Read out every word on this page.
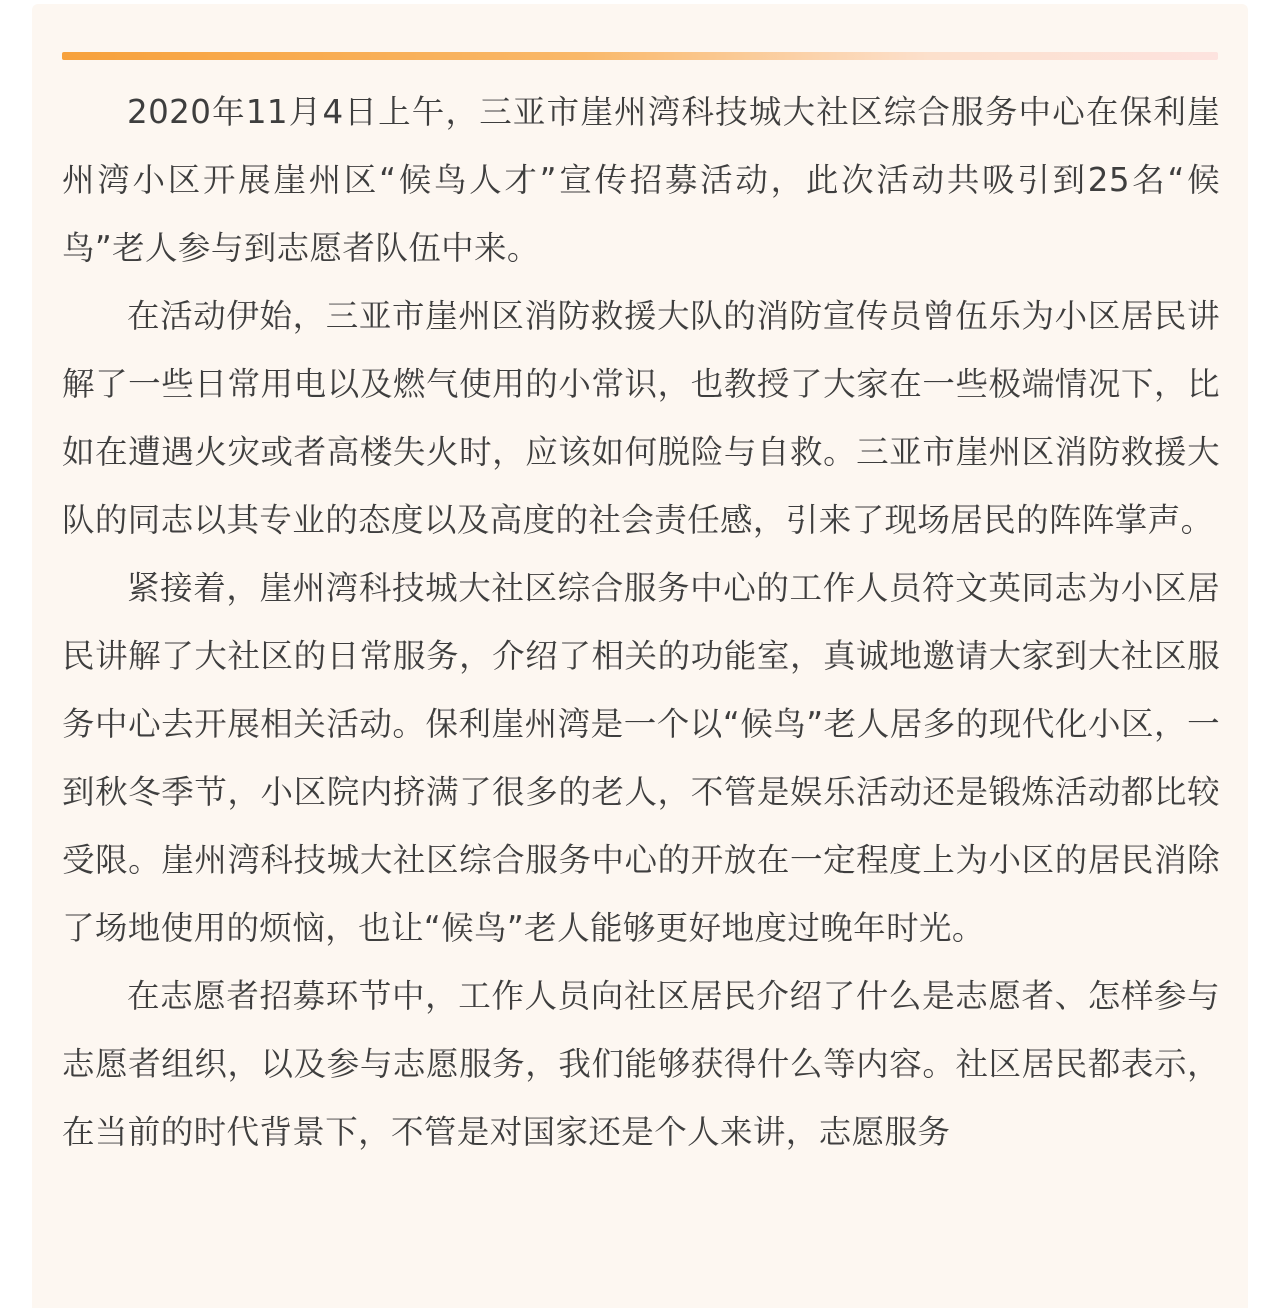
2020年11月4日上午，三亚市崖州湾科技城大社区综合服务中心在保利崖州湾小区开展崖州区“候鸟人才”宣传招募活动，此次活动共吸引到25名“候鸟”老人参与到志愿者队伍中来。

在活动伊始，三亚市崖州区消防救援大队的消防宣传员曾伍乐为小区居民讲解了一些日常用电以及燃气使用的小常识，也教授了大家在一些极端情况下，比如在遭遇火灾或者高楼失火时，应该如何脱险与自救。三亚市崖州区消防救援大队的同志以其专业的态度以及高度的社会责任感，引来了现场居民的阵阵掌声。

紧接着，崖州湾科技城大社区综合服务中心的工作人员符文英同志为小区居民讲解了大社区的日常服务，介绍了相关的功能室，真诚地邀请大家到大社区服务中心去开展相关活动。保利崖州湾是一个以“候鸟”老人居多的现代化小区，一到秋冬季节，小区院内挤满了很多的老人，不管是娱乐活动还是锻炼活动都比较受限。崖州湾科技城大社区综合服务中心的开放在一定程度上为小区的居民消除了场地使用的烦恼，也让“候鸟”老人能够更好地度过晚年时光。

在志愿者招募环节中，工作人员向社区居民介绍了什么是志愿者、怎样参与志愿者组织，以及参与志愿服务，我们能够获得什么等内容。社区居民都表示，在当前的时代背景下，不管是对国家还是个人来讲，志愿服务
